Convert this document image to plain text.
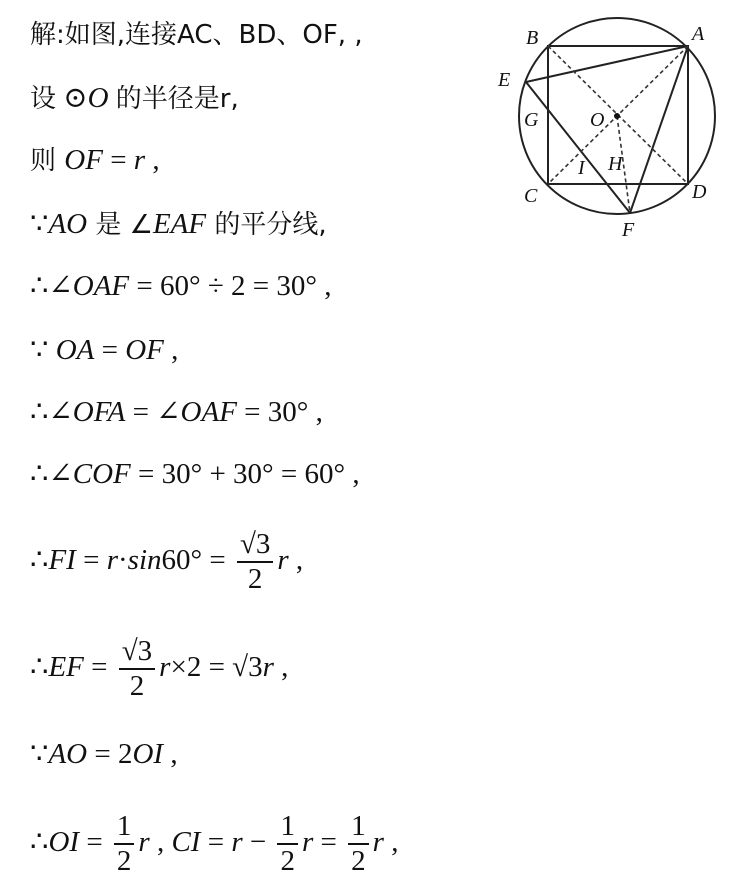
解:如图,连接AC、BD、OF, ,
设 ⊙O 的半径是r,
则 OF = r ,
∵AO 是 ∠EAF 的平分线,
∴∠OAF = 60° ÷ 2 = 30° ,
∵ OA = OF ,
∴∠OFA = ∠OAF = 30° ,
∴∠COF = 30° + 30° = 60° ,
∴FI = $r\cdot\sin 60^\circ = \frac{√3}{2}$ r ,
∴EF = $\frac{√3}{2} r\times 2 = √3r$ ,
∵AO = 2OI ,
∴OI = $\frac{1}{2}$ r , CI = $r - \frac{1}{2}$ $r = \frac{1}{2}$ r ,
A
B
C	D
E
F
G	O
H
I
